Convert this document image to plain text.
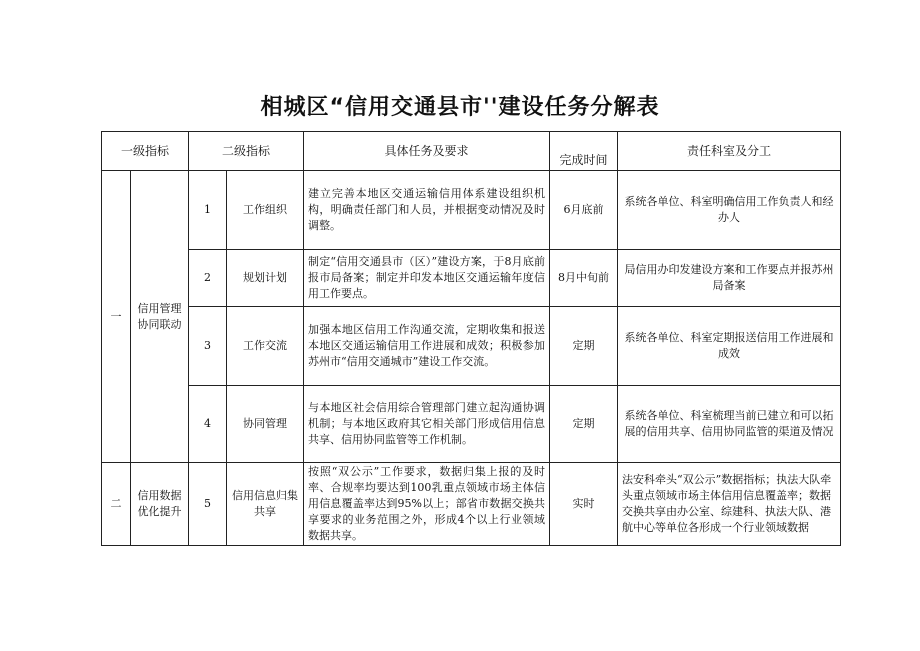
相城区“信用交通县市''建设任务分解表
一级指标		二级指标		具体任务及要求	完成时间	责任科室及分工
一	信用管理协同联动	1	工作组织	建立完善本地区交通运输信用体系建设组织机构，明确责任部门和人员，并根据变动情况及时调整。	6月底前	系统各单位、科室明确信用工作负责人和经办人
		2	规划计划	制定“信用交通县市（区）”建设方案，于8月底前报市局备案；制定并印发本地区交通运输年度信用工作要点。	8月中旬前	局信用办印发建设方案和工作要点并报苏州局备案
		3	工作交流	加强本地区信用工作沟通交流，定期收集和报送本地区交通运输信用工作进展和成效；积极参加苏州市“信用交通城市”建设工作交流。	定期	系统各单位、科室定期报送信用工作进展和成效
		4	协同管理	与本地区社会信用综合管理部门建立起沟通协调机制；与本地区政府其它相关部门形成信用信息共享、信用协同监管等工作机制。	定期	系统各单位、科室梳理当前已建立和可以拓展的信用共享、信用协同监管的渠道及情况
二	信用数据优化提升	5	信用信息归集共享	按照“双公示”工作要求，数据归集上报的及时率、合规率均要达到100乳重点领域市场主体信用信息覆盖率达到95%以上；部省市数据交换共享要求的业务范围之外，形成4个以上行业领域数据共享。	实时	法安科牵头“双公示”数据指标；执法大队牵头重点领域市场主体信用信息覆盖率；数据交换共享由办公室、综建科、执法大队、港航中心等单位各形成一个行业领域数据
